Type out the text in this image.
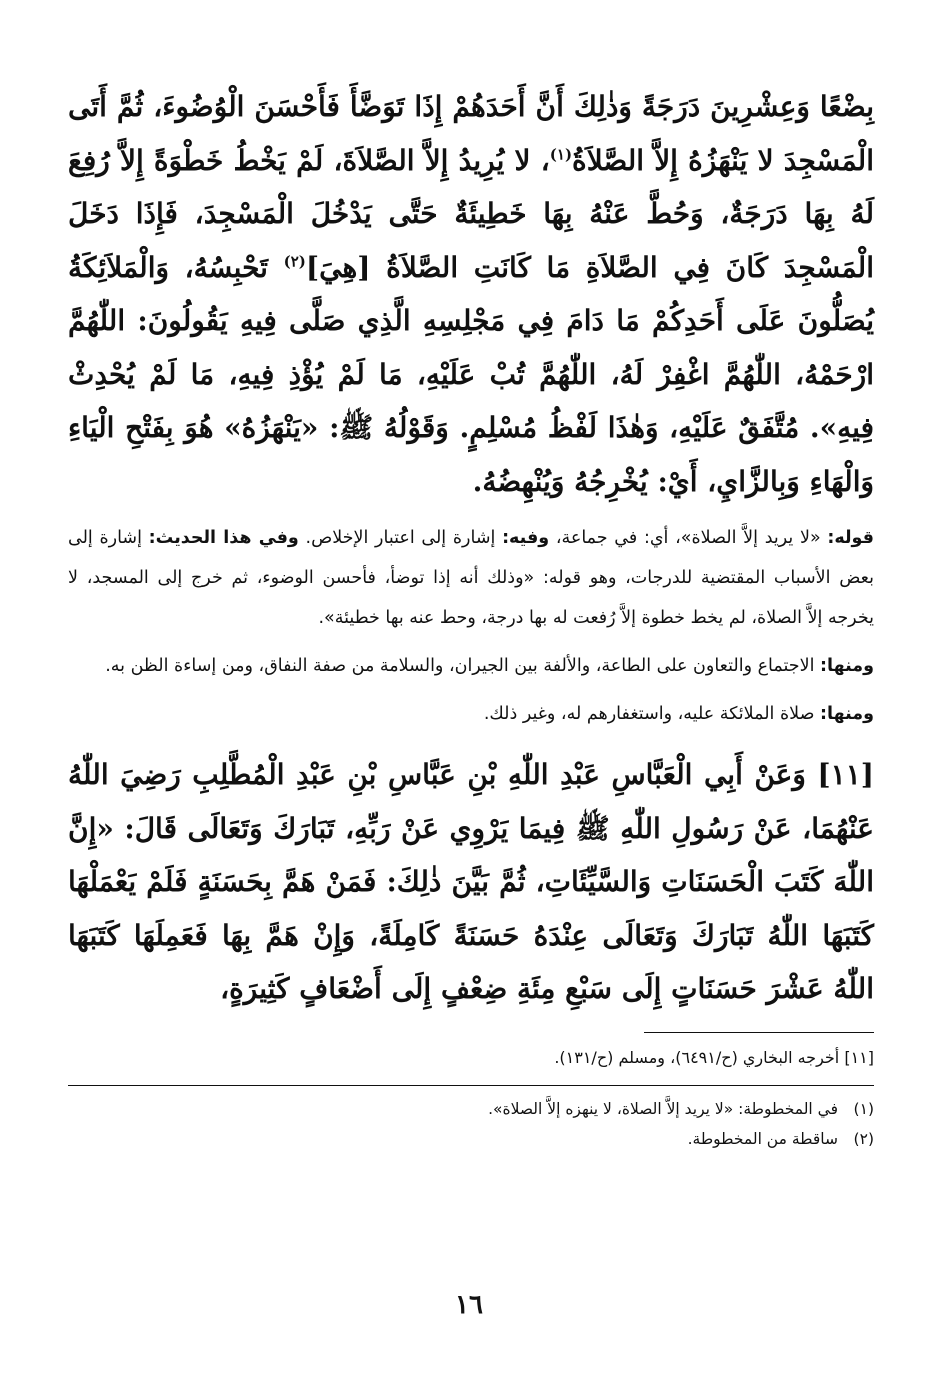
بِضْعًا وَعِشْرِينَ دَرَجَةً وَذٰلِكَ أَنَّ أَحَدَهُمْ إِذَا تَوَضَّأَ فَأَحْسَنَ الْوُضُوءَ، ثُمَّ أَتَى الْمَسْجِدَ لا يَنْهَزُهُ إِلاَّ الصَّلاَةُ$^{(١)}$، لا يُرِيدُ إِلاَّ الصَّلاَةَ، لَمْ يَخْطُ خَطْوَةً إِلاَّ رُفِعَ لَهُ بِهَا دَرَجَةٌ، وَحُطَّ عَنْهُ بِهَا خَطِيئَةٌ حَتَّى يَدْخُلَ الْمَسْجِدَ، فَإِذَا دَخَلَ الْمَسْجِدَ كَانَ فِي الصَّلاَةِ مَا كَانَتِ الصَّلاَةُ [هِيَ]$^{(٢)}$ تَحْبِسُهُ، وَالْمَلاَئِكَةُ يُصَلُّونَ عَلَى أَحَدِكُمْ مَا دَامَ فِي مَجْلِسِهِ الَّذِي صَلَّى فِيهِ يَقُولُونَ: اللّٰهُمَّ ارْحَمْهُ، اللّٰهُمَّ اغْفِرْ لَهُ، اللّٰهُمَّ تُبْ عَلَيْهِ، مَا لَمْ يُؤْذِ فِيهِ، مَا لَمْ يُحْدِثْ فِيهِ». مُتَّفَقٌ عَلَيْهِ، وَهٰذَا لَفْظُ مُسْلِمٍ. وَقَوْلُهُ ﷺ: «يَنْهَزُهُ» هُوَ بِفَتْحِ الْيَاءِ وَالْهَاءِ وَبِالزَّايِ، أَيْ: يُخْرِجُهُ وَيُنْهِضُهُ.

قوله: «لا يريد إلاَّ الصلاة»، أي: في جماعة، وفيه: إشارة إلى اعتبار الإخلاص. وفي هذا الحديث: إشارة إلى بعض الأسباب المقتضية للدرجات، وهو قوله: «وذلك أنه إذا توضأ، فأحسن الوضوء، ثم خرج إلى المسجد، لا يخرجه إلاَّ الصلاة، لم يخط خطوة إلاَّ رُفعت له بها درجة، وحط عنه بها خطيئة».

ومنها: الاجتماع والتعاون على الطاعة، والألفة بين الجيران، والسلامة من صفة النفاق، ومن إساءة الظن به.

ومنها: صلاة الملائكة عليه، واستغفارهم له، وغير ذلك.

[١١] وَعَنْ أَبِي الْعَبَّاسِ عَبْدِ اللّٰهِ بْنِ عَبَّاسِ بْنِ عَبْدِ الْمُطَّلِبِ رَضِيَ اللّٰهُ عَنْهُمَا، عَنْ رَسُولِ اللّٰهِ ﷺ فِيمَا يَرْوِي عَنْ رَبِّهِ، تَبَارَكَ وَتَعَالَى قَالَ: «إِنَّ اللّٰهَ كَتَبَ الْحَسَنَاتِ وَالسَّيِّئَاتِ، ثُمَّ بَيَّنَ ذٰلِكَ: فَمَنْ هَمَّ بِحَسَنَةٍ فَلَمْ يَعْمَلْهَا كَتَبَهَا اللّٰهُ تَبَارَكَ وَتَعَالَى عِنْدَهُ حَسَنَةً كَامِلَةً، وَإِنْ هَمَّ بِهَا فَعَمِلَهَا كَتَبَهَا اللّٰهُ عَشْرَ حَسَنَاتٍ إِلَى سَبْعِ مِئَةِ ضِعْفٍ إِلَى أَضْعَافٍ كَثِيرَةٍ،

[١١] أخرجه البخاري (ح/٦٤٩١)، ومسلم (ح/١٣١).

(١)في المخطوطة: «لا يريد إلاَّ الصلاة، لا ينهزه إلاَّ الصلاة».

(٢)ساقطة من المخطوطة.

١٦
